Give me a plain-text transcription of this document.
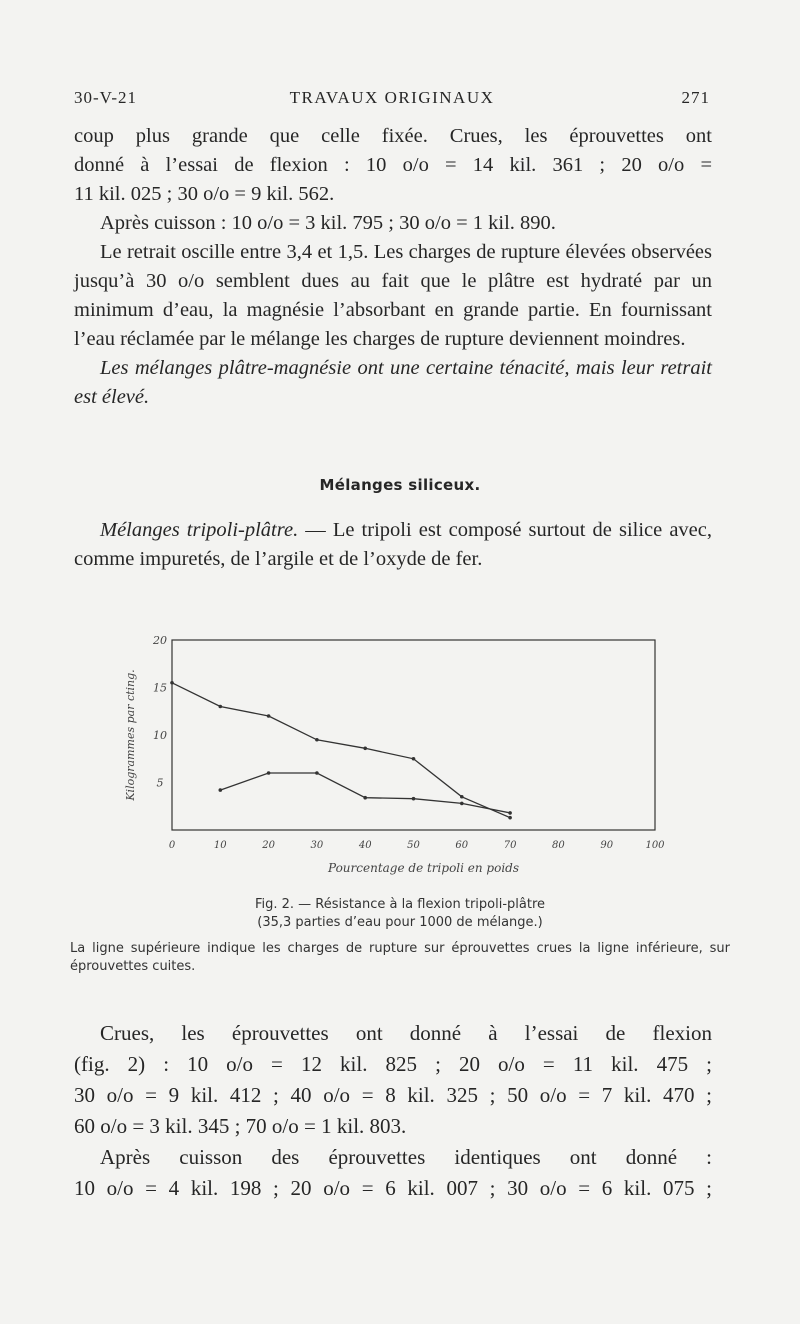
30-V-21	TRAVAUX ORIGINAUX	271
coup plus grande que celle fixée. Crues, les éprouvettes ont
donné à l’essai de flexion : 10 o/o = 14 kil. 361 ; 20 o/o =
11 kil. 025 ; 30 o/o = 9 kil. 562.

Après cuisson : 10 o/o = 3 kil. 795 ; 30 o/o = 1 kil. 890.

Le retrait oscille entre 3,4 et 1,5. Les charges de rupture élevées observées jusqu’à 30 o/o semblent dues au fait que le plâtre est hydraté par un minimum d’eau, la magnésie l’absorbant en grande partie. En fournissant l’eau réclamée par le mélange les charges de rupture deviennent moindres.

Les mélanges plâtre-magnésie ont une certaine ténacité, mais leur retrait est élevé.

Mélanges siliceux.

Mélanges tripoli-plâtre. — Le tripoli est composé surtout de silice avec, comme impuretés, de l’argile et de l’oxyde de fer.

0	10	20	30	40	50	60	70	80	90	100
5
10
15
20
Kilogrammes par cting.
Pourcentage de tripoli en poids
Fig. 2. — Résistance à la flexion tripoli-plâtre
(35,3 parties d’eau pour 1000 de mélange.)
La ligne supérieure indique les charges de rupture sur éprouvettes crues la ligne inférieure, sur éprouvettes cuites.
Crues, les éprouvettes ont donné à l’essai de flexion
(fig. 2) : 10 o/o = 12 kil. 825 ; 20 o/o = 11 kil. 475 ;
30 o/o = 9 kil. 412 ; 40 o/o = 8 kil. 325 ; 50 o/o = 7 kil. 470 ;
60 o/o = 3 kil. 345 ; 70 o/o = 1 kil. 803.
Après cuisson des éprouvettes identiques ont donné :
10 o/o = 4 kil. 198 ; 20 o/o = 6 kil. 007 ; 30 o/o = 6 kil. 075 ;
